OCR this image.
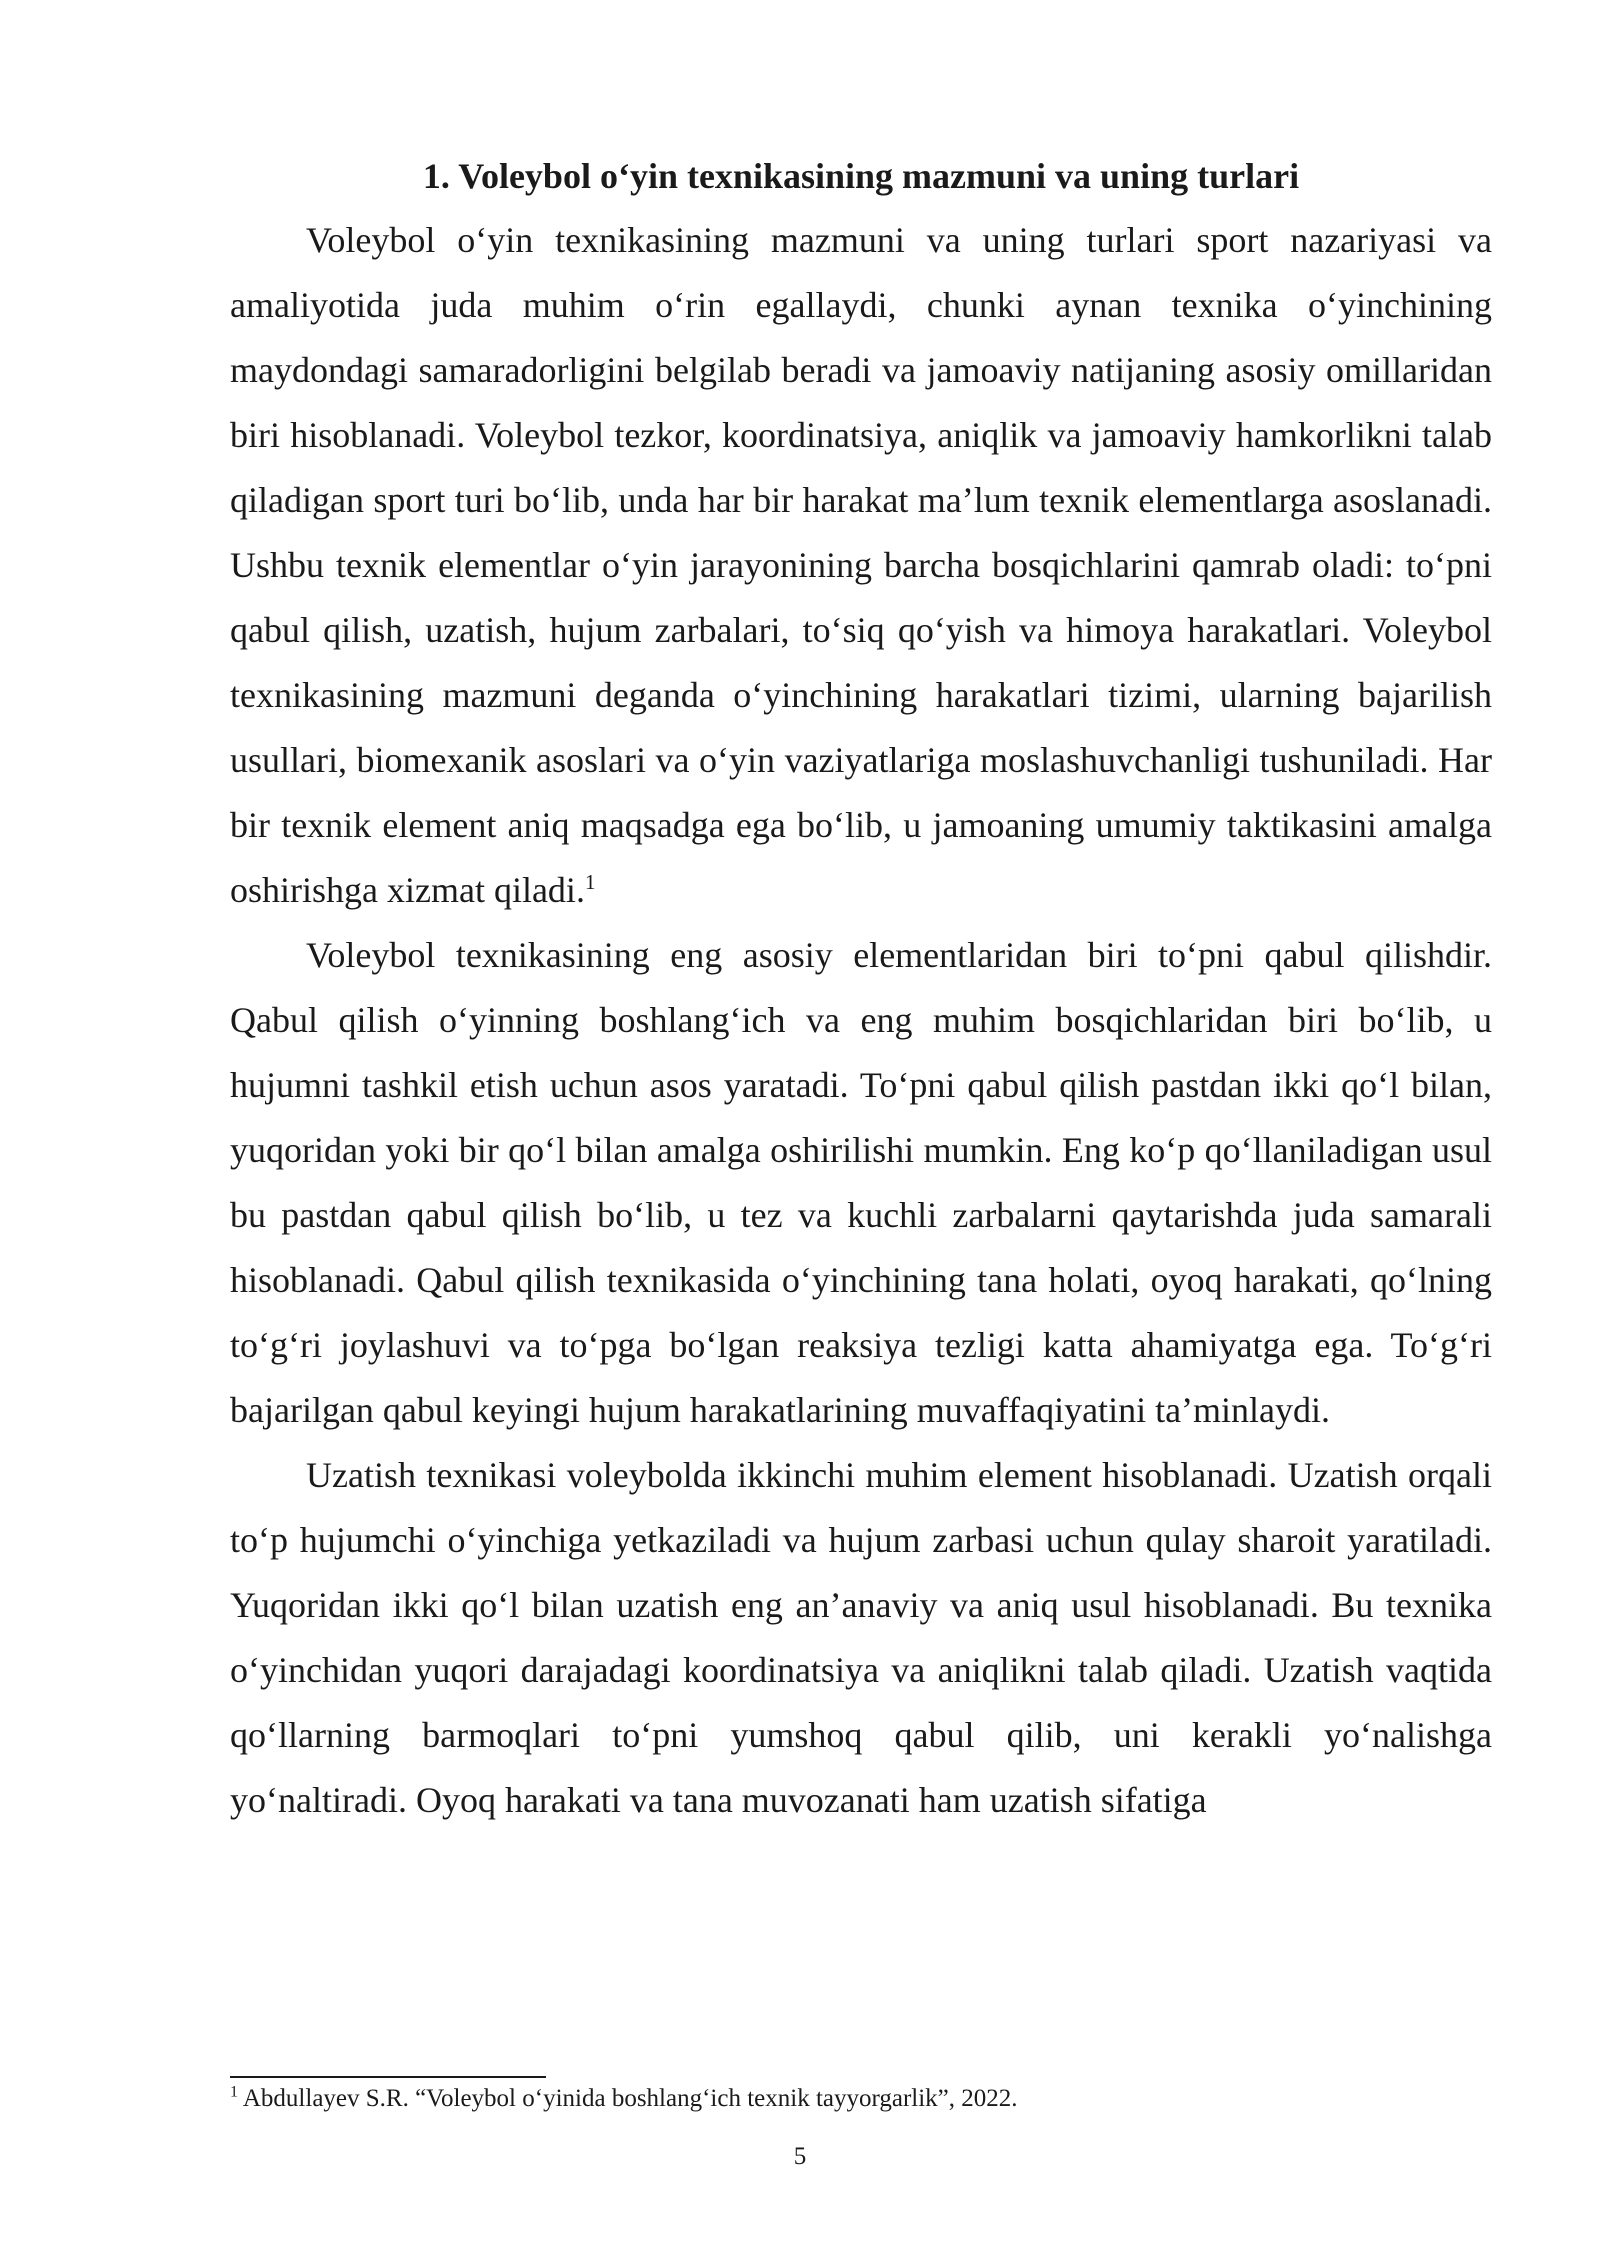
1. Voleybol o‘yin texnikasining mazmuni va uning turlari

Voleybol o‘yin texnikasining mazmuni va uning turlari sport nazariyasi va amaliyotida juda muhim o‘rin egallaydi, chunki aynan texnika o‘yinchining maydondagi samaradorligini belgilab beradi va jamoaviy natijaning asosiy omillaridan biri hisoblanadi. Voleybol tezkor, koordinatsiya, aniqlik va jamoaviy hamkorlikni talab qiladigan sport turi bo‘lib, unda har bir harakat ma’lum texnik elementlarga asoslanadi. Ushbu texnik elementlar o‘yin jarayonining barcha bosqichlarini qamrab oladi: to‘pni qabul qilish, uzatish, hujum zarbalari, to‘siq qo‘yish va himoya harakatlari. Voleybol texnikasining mazmuni deganda o‘yinchining harakatlari tizimi, ularning bajarilish usullari, biomexanik asoslari va o‘yin vaziyatlariga moslashuvchanligi tushuniladi. Har bir texnik element aniq maqsadga ega bo‘lib, u jamoaning umumiy taktikasini amalga oshirishga xizmat qiladi.$^1$

Voleybol texnikasining eng asosiy elementlaridan biri to‘pni qabul qilishdir. Qabul qilish o‘yinning boshlang‘ich va eng muhim bosqichlaridan biri bo‘lib, u hujumni tashkil etish uchun asos yaratadi. To‘pni qabul qilish pastdan ikki qo‘l bilan, yuqoridan yoki bir qo‘l bilan amalga oshirilishi mumkin. Eng ko‘p qo‘llaniladigan usul bu pastdan qabul qilish bo‘lib, u tez va kuchli zarbalarni qaytarishda juda samarali hisoblanadi. Qabul qilish texnikasida o‘yinchining tana holati, oyoq harakati, qo‘lning to‘g‘ri joylashuvi va to‘pga bo‘lgan reaksiya tezligi katta ahamiyatga ega. To‘g‘ri bajarilgan qabul keyingi hujum harakatlarining muvaffaqiyatini ta’minlaydi.

Uzatish texnikasi voleybolda ikkinchi muhim element hisoblanadi. Uzatish orqali to‘p hujumchi o‘yinchiga yetkaziladi va hujum zarbasi uchun qulay sharoit yaratiladi. Yuqoridan ikki qo‘l bilan uzatish eng an’anaviy va aniq usul hisoblanadi. Bu texnika o‘yinchidan yuqori darajadagi koordinatsiya va aniqlikni talab qiladi. Uzatish vaqtida qo‘llarning barmoqlari to‘pni yumshoq qabul qilib, uni kerakli yo‘nalishga yo‘naltiradi. Oyoq harakati va tana muvozanati ham uzatish sifatiga

$^1$ Abdullayev S.R. “Voleybol o‘yinida boshlang‘ich texnik tayyorgarlik”, 2022.
5
